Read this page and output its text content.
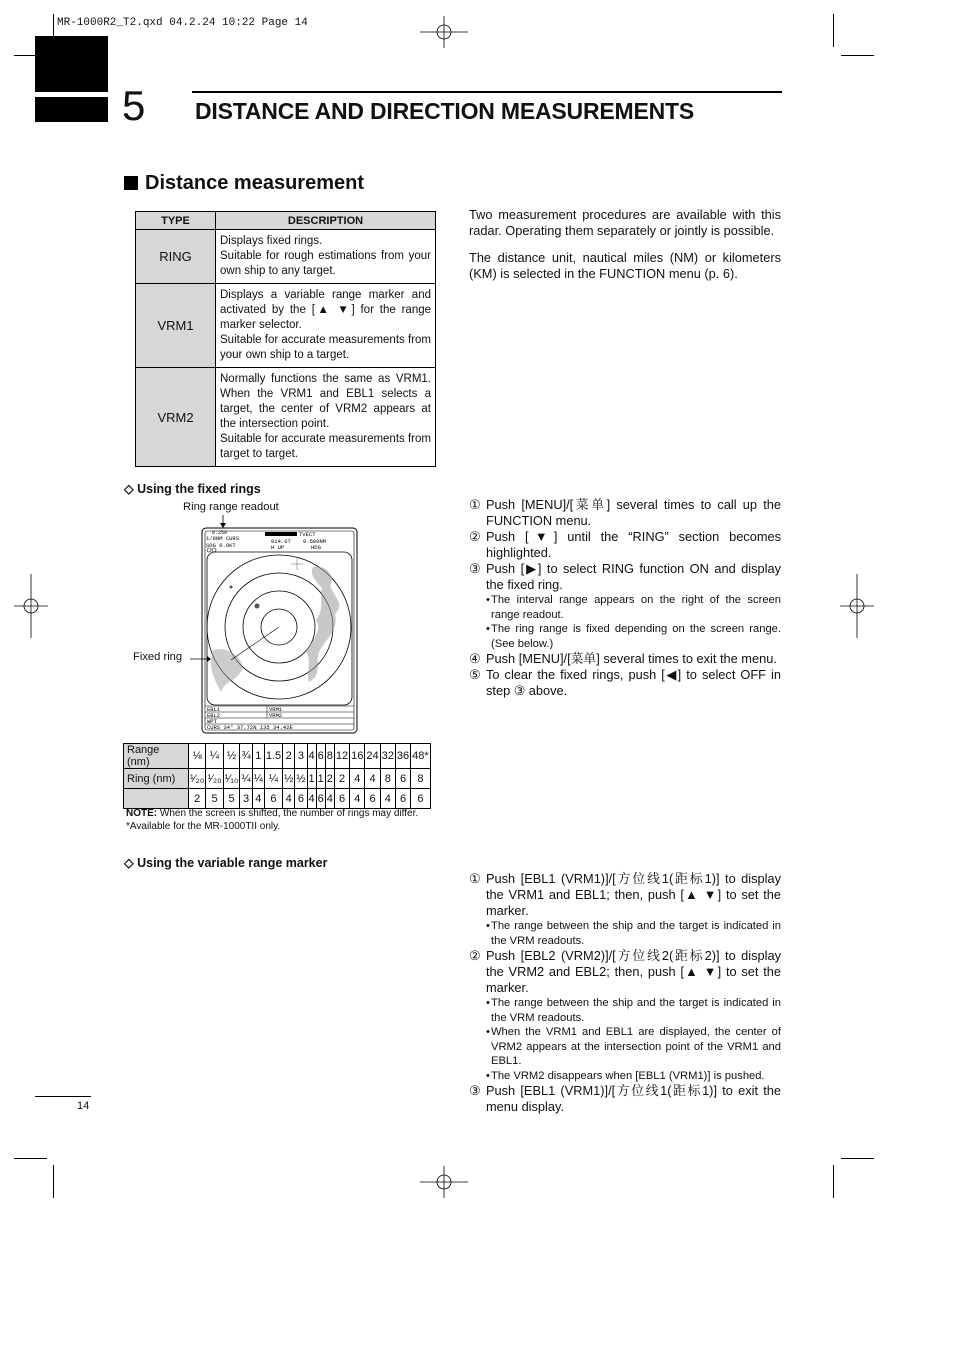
MR-1000R2_T2.qxd 04.2.24 10:22 Page 14
5 DISTANCE AND DIRECTION MEASUREMENTS
Distance measurement
TYPE	DESCRIPTION
RING	Displays fixed rings.
Suitable for rough estimations from your own ship to any target.

VRM1	Displays a variable range marker and activated by the [▲ ▼] for the range marker selector.
Suitable for accurate measurements from your own ship to a target.

VRM2	Normally functions the same as VRM1. When the VRM1 and EBL1 selects a target, the center of VRM2 appears at the intersection point.
Suitable for accurate measurements from target to target.
Two measurement procedures are available with this radar. Operating them separately or jointly is possible.
The distance unit, nautical miles (NM) or kilometers (KM) is selected in the FUNCTION menu (p. 6).
◇ Using the fixed rings
Ring range readout
Fixed ring
0.250
1/8NM CURS
SOG 0.0KT
TVECT
014.6T 0.500NM
H UP	HDG
EBL1	VRM1
EBL2	VRM2
WPT
CURS 34° 37.72N 135 34.42E
① Push [MENU]/[菜单] several times to call up the FUNCTION menu.
② Push [▼] until the “RING” section becomes highlighted.
③ Push [▶] to select RING function ON and display the fixed ring.
• The interval range appears on the right of the screen range readout.
• The ring range is fixed depending on the screen range. (See below.)
④ Push [MENU]/[菜单] several times to exit the menu.
⑤ To clear the fixed rings, push [◀] to select OFF in step ③ above.
Range (nm)	⅛	¼	½	¾	1	1.5	2	3	4	6	8	12	16	24	32	36	48*
Ring (nm)	¹⁄₂₀	¹⁄₂₀	¹⁄₁₀	¼	¼	¼	½	½	1	1	2	2	4	4	8	6	8
	2	5	5	3	4	6	4	6	4	6	4	6	4	6	4	6	6
NOTE: When the screen is shifted, the number of rings may differ.
*Available for the MR-1000TII only.
◇ Using the variable range marker
① Push [EBL1 (VRM1)]/[方位线1(距标1)] to display the VRM1 and EBL1; then, push [▲ ▼] to set the marker.
• The range between the ship and the target is indicated in the VRM readouts.
② Push [EBL2 (VRM2)]/[方位线2(距标2)] to display the VRM2 and EBL2; then, push [▲ ▼] to set the marker.
• The range between the ship and the target is indicated in the VRM readouts.
• When the VRM1 and EBL1 are displayed, the center of VRM2 appears at the intersection point of the VRM1 and EBL1.
• The VRM2 disappears when [EBL1 (VRM1)] is pushed.
③ Push [EBL1 (VRM1)]/[方位线1(距标1)] to exit the menu display.
14
